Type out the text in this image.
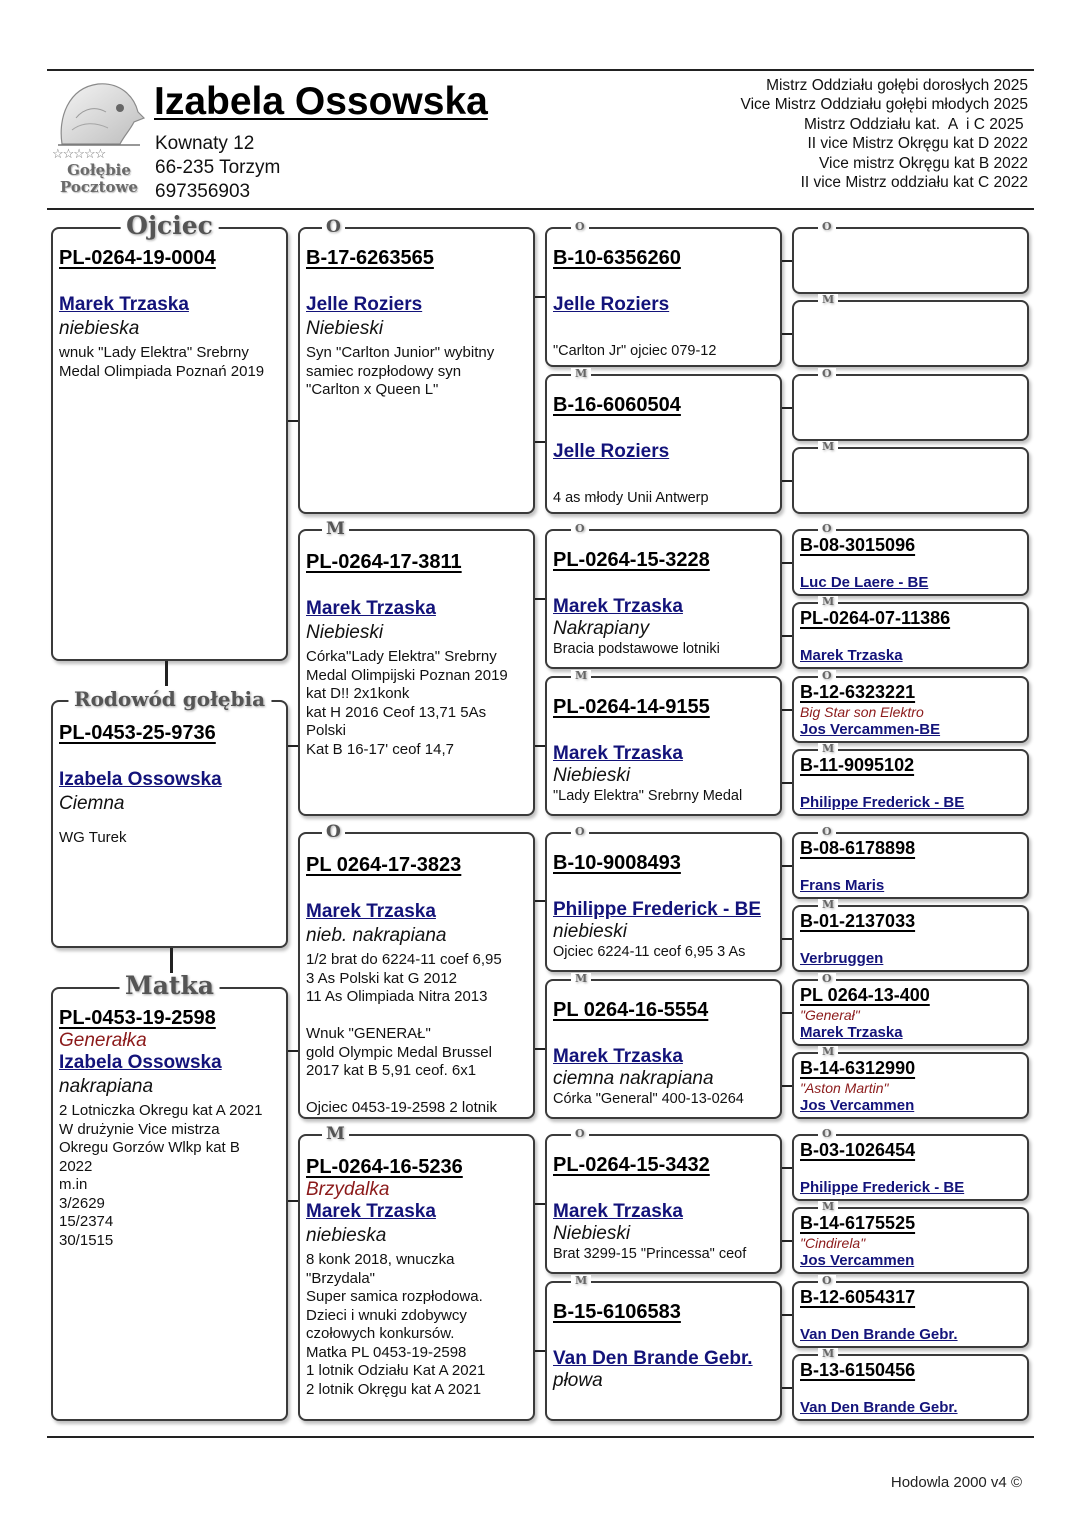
☆☆☆☆☆
Gołębie
Pocztowe
Izabela Ossowska
Kownaty 12
66-235 Torzym
697356903
Mistrz Oddziału gołębi dorosłych 2025
Vice Mistrz Oddziału gołębi młodych 2025
Mistrz Oddziału kat.  A  i C 2025
II vice Mistrz Okręgu kat D 2022
Vice mistrz Okręgu kat B 2022
II vice Mistrz oddziału kat C 2022
Ojciec
PL-0264-19-0004
Marek Trzaska
niebieska
wnuk "Lady Elektra" Srebrny
Medal Olimpiada Poznań 2019
Rodowód gołębia
PL-0453-25-9736
Izabela Ossowska
Ciemna
WG Turek
Matka
PL-0453-19-2598
Generałka
Izabela Ossowska
nakrapiana
2 Lotniczka Okregu kat A 2021
W drużynie Vice mistrza
Okregu Gorzów Wlkp kat B
2022
m.in
3/2629
15/2374
30/1515
O
B-17-6263565
Jelle Roziers
Niebieski
Syn "Carlton Junior" wybitny
samiec rozpłodowy syn
"Carlton x Queen L"
M
PL-0264-17-3811
Marek Trzaska
Niebieski
Córka"Lady Elektra" Srebrny
Medal Olimpijski Poznan 2019
kat D!! 2x1konk
kat H 2016 Ceof 13,71 5As
Polski
Kat B 16-17' ceof 14,7
O
PL 0264-17-3823
Marek Trzaska
nieb. nakrapiana
1/2 brat do 6224-11 coef 6,95
3 As Polski kat G 2012
11 As Olimpiada Nitra 2013

Wnuk "GENERAŁ"
gold Olympic Medal Brussel
2017 kat B 5,91 ceof. 6x1

Ojciec 0453-19-2598 2 lotnik
M
PL-0264-16-5236
Brzydalka
Marek Trzaska
niebieska
8 konk 2018, wnuczka
"Brzydala"
Super samica rozpłodowa.
Dzieci i wnuki zdobywcy
czołowych konkursów.
Matka PL 0453-19-2598
1 lotnik Odziału Kat A 2021
2 lotnik Okręgu kat A 2021
O
B-10-6356260
Jelle Roziers
"Carlton Jr" ojciec 079-12
M
B-16-6060504
Jelle Roziers
4 as młody Unii Antwerp
O
PL-0264-15-3228
Marek Trzaska
Nakrapiany
Bracia podstawowe lotniki
M
PL-0264-14-9155
Marek Trzaska
Niebieski
"Lady Elektra" Srebrny Medal
O
B-10-9008493
Philippe Frederick - BE
niebieski
Ojciec 6224-11 ceof 6,95 3 As
M
PL 0264-16-5554
Marek Trzaska
ciemna nakrapiana
Córka "General" 400-13-0264
O
PL-0264-15-3432
Marek Trzaska
Niebieski
Brat 3299-15 "Princessa" ceof
M
B-15-6106583
Van Den Brande Gebr.
płowa
O
M
O
M
O
B-08-3015096
Luc De Laere - BE
M
PL-0264-07-11386
Marek Trzaska
O
B-12-6323221
Big Star son Elektro
Jos Vercammen-BE
M
B-11-9095102
Philippe Frederick - BE
O
B-08-6178898
Frans Maris
M
B-01-2137033
Verbruggen
O
PL 0264-13-400
"Generał"
Marek Trzaska
M
B-14-6312990
"Aston Martin"
Jos Vercammen
O
B-03-1026454
Philippe Frederick - BE
M
B-14-6175525
"Cindirela"
Jos Vercammen
O
B-12-6054317
Van Den Brande Gebr.
M
B-13-6150456
Van Den Brande Gebr.
Hodowla 2000 v4 ©
